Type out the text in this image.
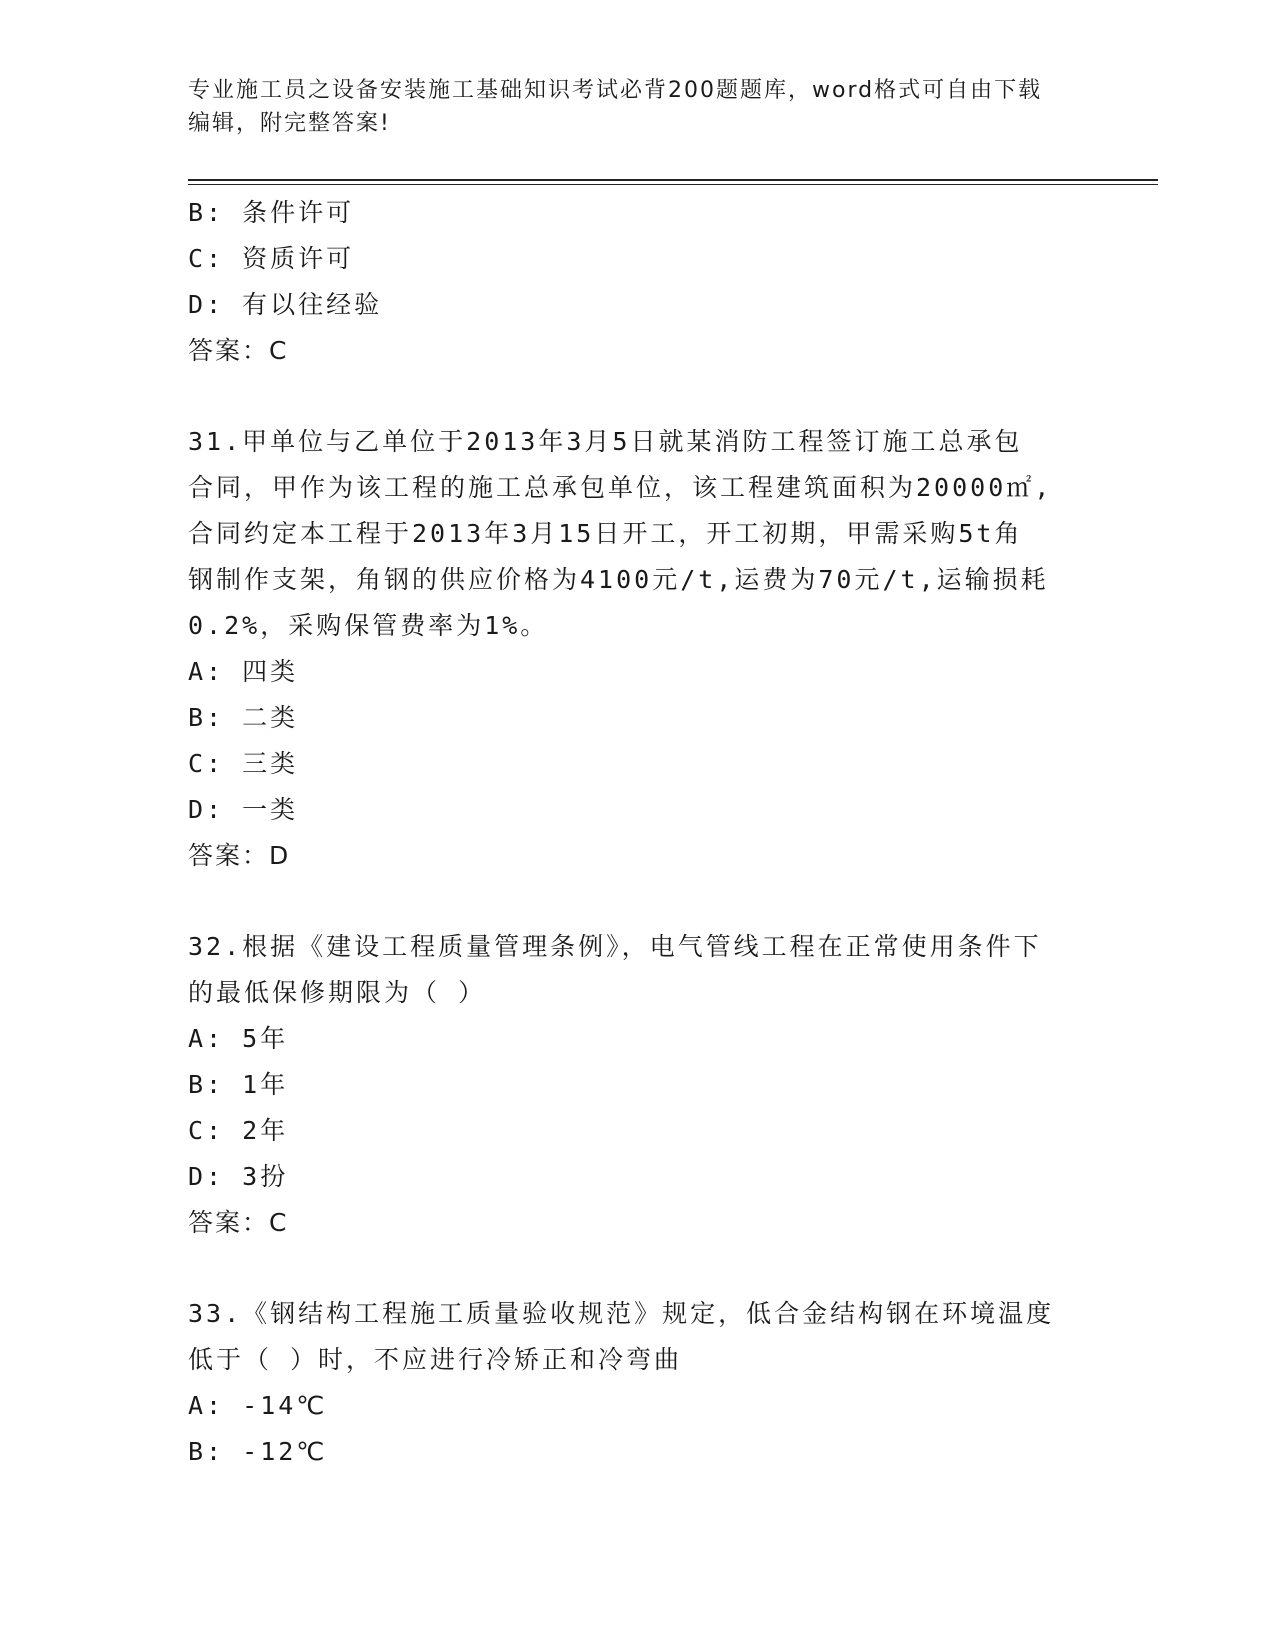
专业施工员之设备安装施工基础知识考试必背200题题库，word格式可自由下载
编辑，附完整答案!
B: 条件许可
C: 资质许可
D: 有以往经验
答案：C
31.甲单位与乙单位于2013年3月5日就某消防工程签订施工总承包
合同，甲作为该工程的施工总承包单位，该工程建筑面积为20000㎡,
合同约定本工程于2013年3月15日开工，开工初期，甲需采购5t角
钢制作支架，角钢的供应价格为4100元/t,运费为70元/t,运输损耗
0.2%，采购保管费率为1%。
A: 四类
B: 二类
C: 三类
D: 一类
答案：D
32.根据《建设工程质量管理条例》，电气管线工程在正常使用条件下
的最低保修期限为（ ）
A: 5年
B: 1年
C: 2年
D: 3扮
答案：C
33.《钢结构工程施工质量验收规范》规定，低合金结构钢在环境温度
低于（ ）时，不应进行冷矫正和冷弯曲
A: -14℃
B: -12℃
